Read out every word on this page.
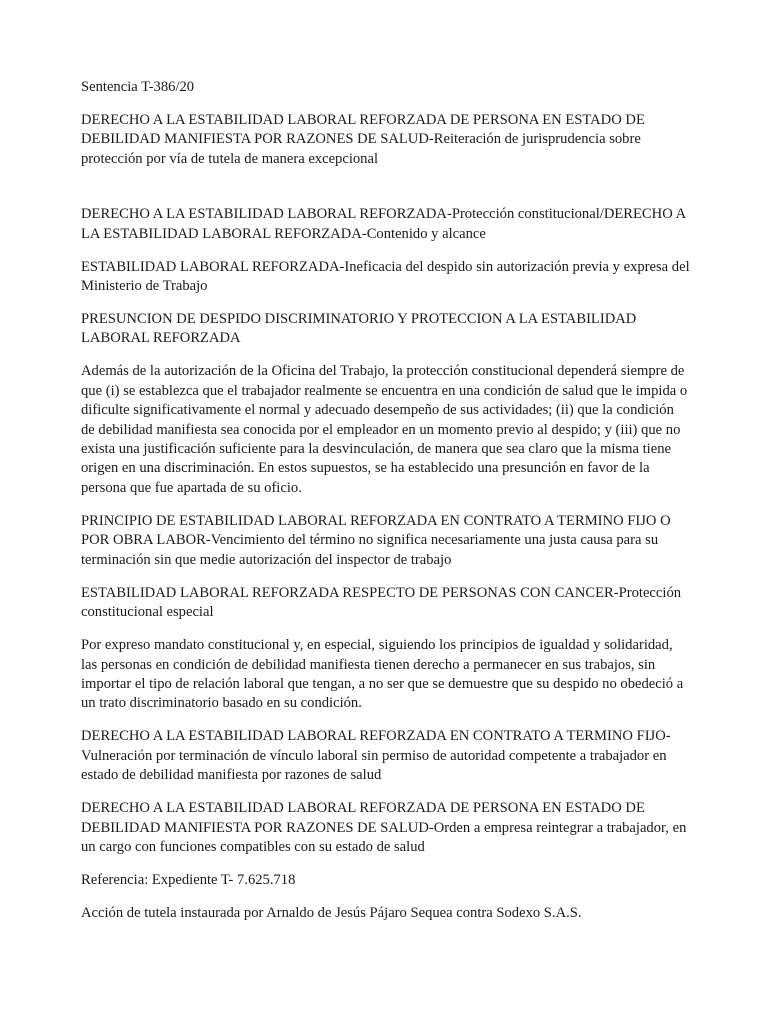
Sentencia T-386/20

DERECHO A LA ESTABILIDAD LABORAL REFORZADA DE PERSONA EN ESTADO DE DEBILIDAD MANIFIESTA POR RAZONES DE SALUD-Reiteración de jurisprudencia sobre protección por vía de tutela de manera excepcional

DERECHO A LA ESTABILIDAD LABORAL REFORZADA-Protección constitucional/DERECHO A LA ESTABILIDAD LABORAL REFORZADA-Contenido y alcance

ESTABILIDAD LABORAL REFORZADA-Ineficacia del despido sin autorización previa y expresa del Ministerio de Trabajo

PRESUNCION DE DESPIDO DISCRIMINATORIO Y PROTECCION A LA ESTABILIDAD LABORAL REFORZADA

Además de la autorización de la Oficina del Trabajo, la protección constitucional dependerá siempre de que (i) se establezca que el trabajador realmente se encuentra en una condición de salud que le impida o dificulte significativamente el normal y adecuado desempeño de sus actividades; (ii) que la condición de debilidad manifiesta sea conocida por el empleador en un momento previo al despido; y (iii) que no exista una justificación suficiente para la desvinculación, de manera que sea claro que la misma tiene origen en una discriminación. En estos supuestos, se ha establecido una presunción en favor de la persona que fue apartada de su oficio.

PRINCIPIO DE ESTABILIDAD LABORAL REFORZADA EN CONTRATO A TERMINO FIJO O POR OBRA LABOR-Vencimiento del término no significa necesariamente una justa causa para su terminación sin que medie autorización del inspector de trabajo

ESTABILIDAD LABORAL REFORZADA RESPECTO DE PERSONAS CON CANCER-Protección constitucional especial

Por expreso mandato constitucional y, en especial, siguiendo los principios de igualdad y solidaridad, las personas en condición de debilidad manifiesta tienen derecho a permanecer en sus trabajos, sin importar el tipo de relación laboral que tengan, a no ser que se demuestre que su despido no obedeció a un trato discriminatorio basado en su condición.

DERECHO A LA ESTABILIDAD LABORAL REFORZADA EN CONTRATO A TERMINO FIJO-Vulneración por terminación de vínculo laboral sin permiso de autoridad competente a trabajador en estado de debilidad manifiesta por razones de salud

DERECHO A LA ESTABILIDAD LABORAL REFORZADA DE PERSONA EN ESTADO DE DEBILIDAD MANIFIESTA POR RAZONES DE SALUD-Orden a empresa reintegrar a trabajador, en un cargo con funciones compatibles con su estado de salud

Referencia: Expediente T- 7.625.718

Acción de tutela instaurada por Arnaldo de Jesús Pájaro Sequea contra Sodexo S.A.S.
